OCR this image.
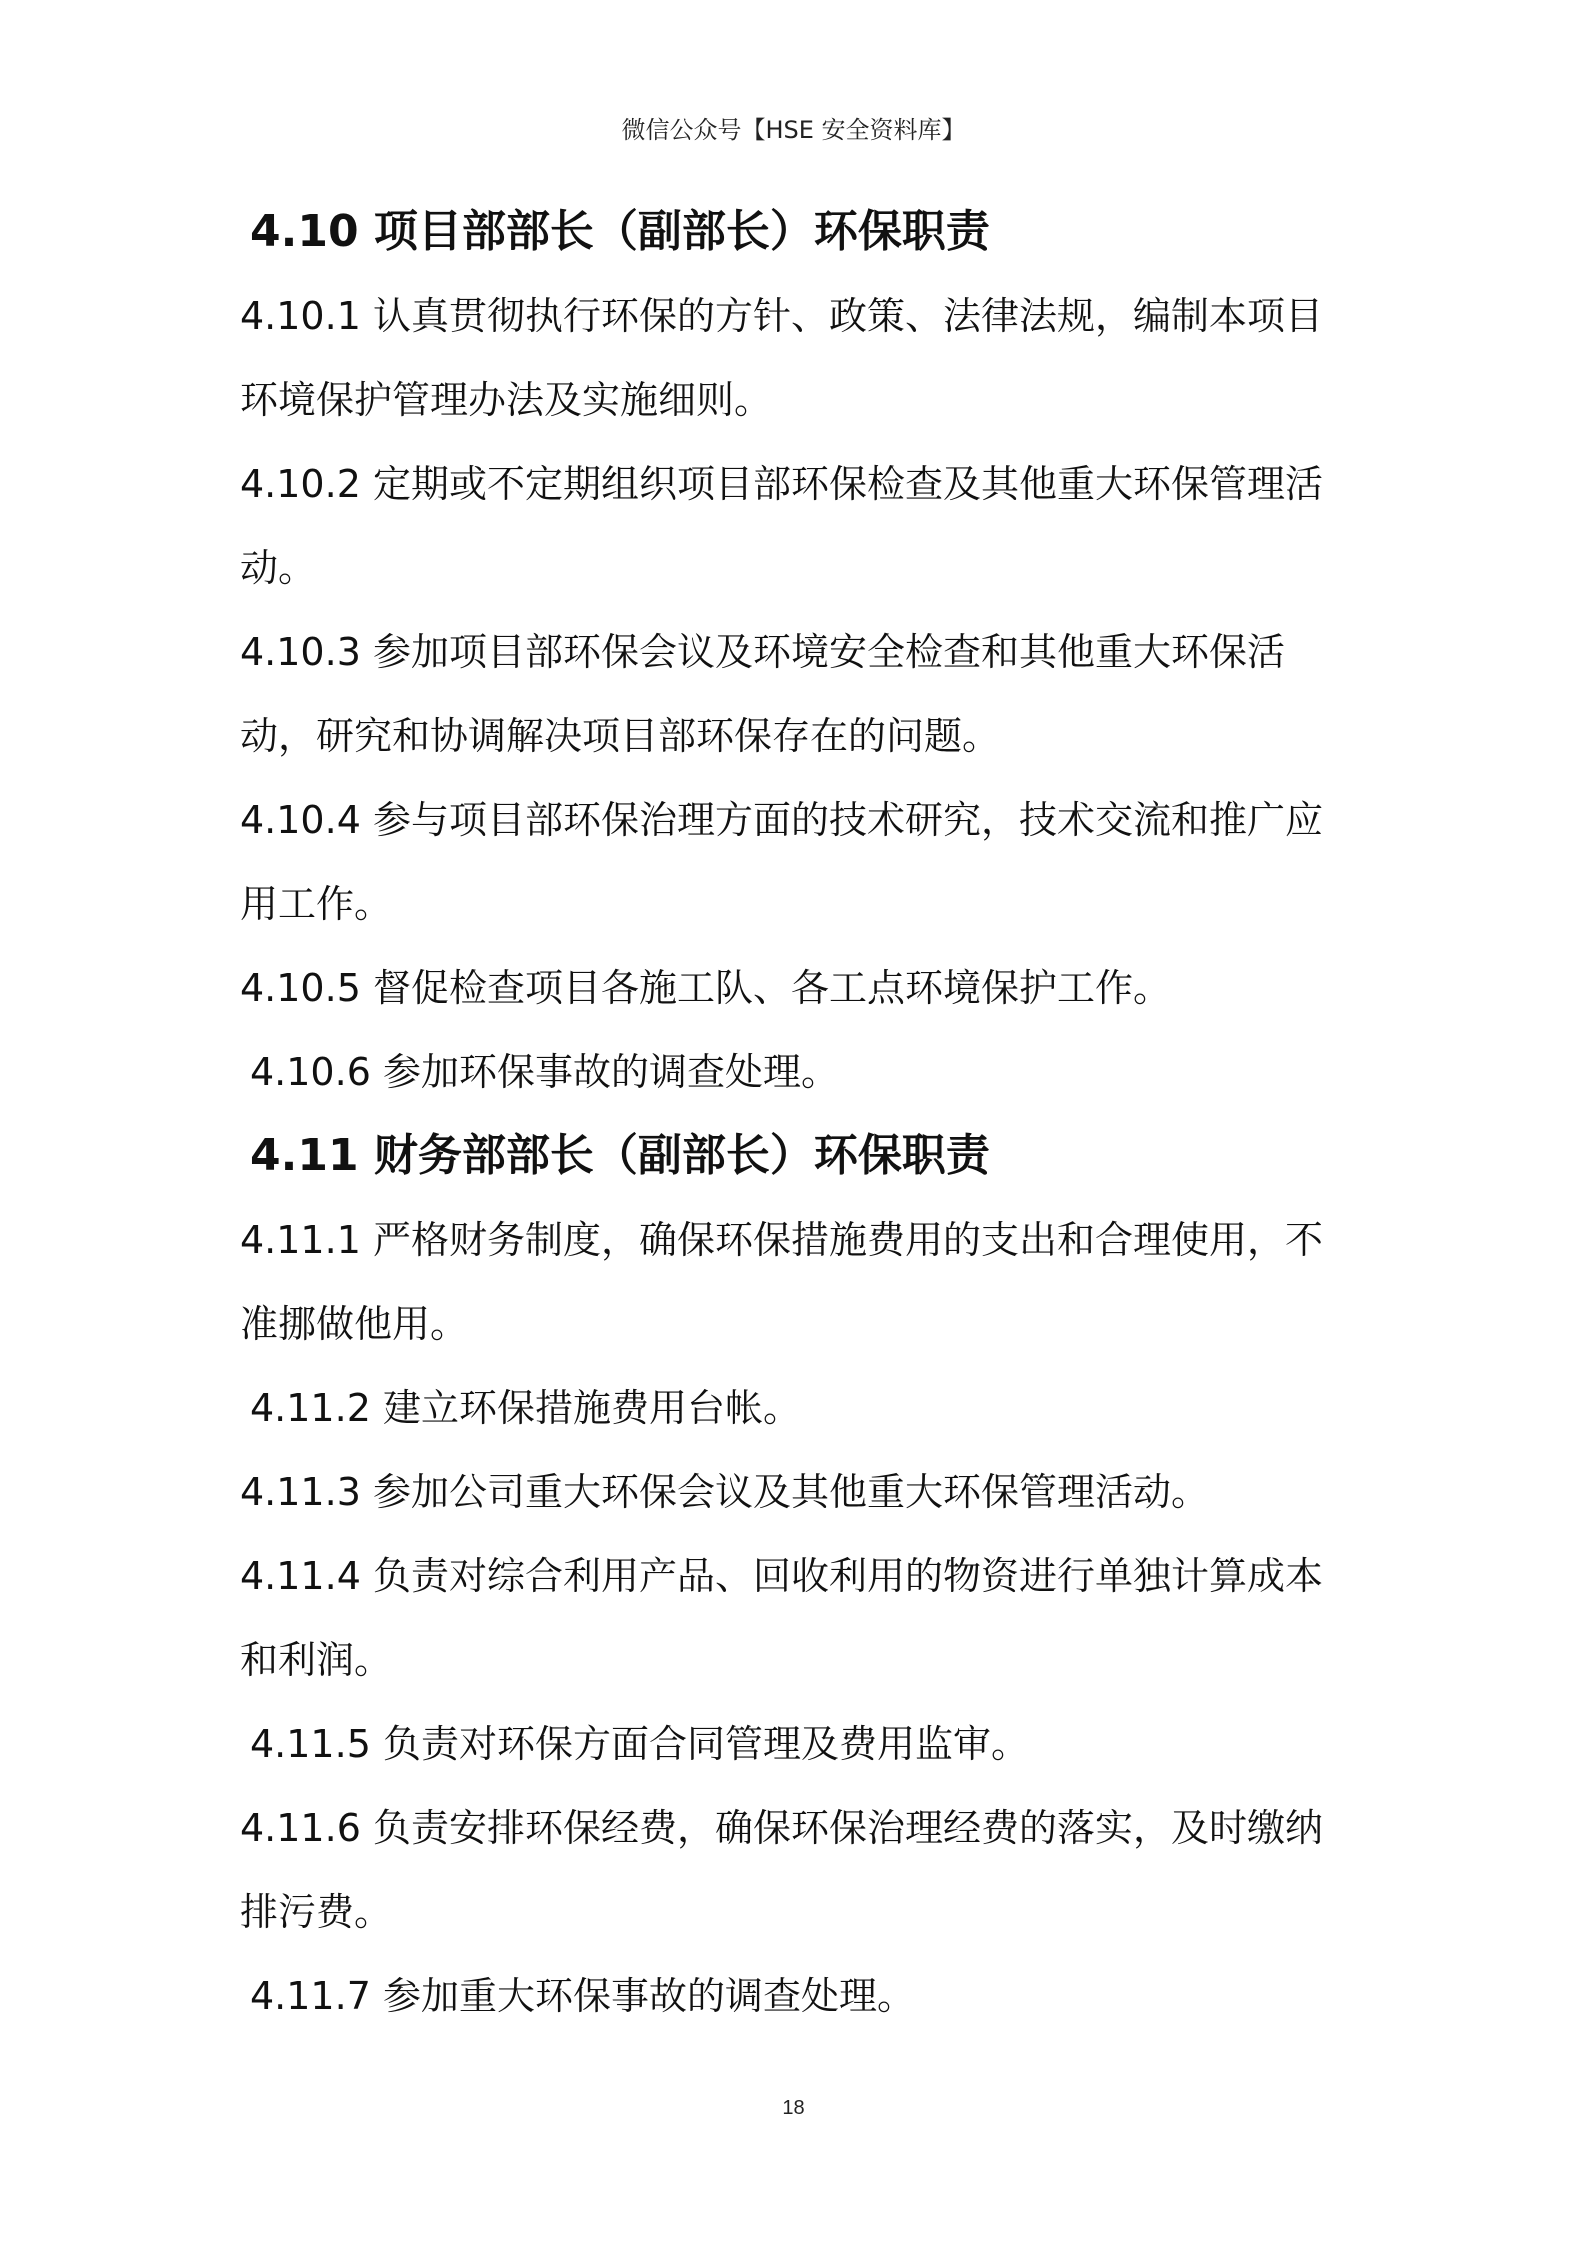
微信公众号【HSE 安全资料库】
4.10 项目部部长（副部长）环保职责

4.10.1 认真贯彻执行环保的方针、政策、法律法规，编制本项目环境保护管理办法及实施细则。

4.10.2 定期或不定期组织项目部环保检查及其他重大环保管理活动。

4.10.3 参加项目部环保会议及环境安全检查和其他重大环保活动，研究和协调解决项目部环保存在的问题。

4.10.4 参与项目部环保治理方面的技术研究，技术交流和推广应用工作。

4.10.5 督促检查项目各施工队、各工点环境保护工作。

4.10.6 参加环保事故的调查处理。

4.11 财务部部长（副部长）环保职责

4.11.1 严格财务制度，确保环保措施费用的支出和合理使用，不准挪做他用。

4.11.2 建立环保措施费用台帐。

4.11.3 参加公司重大环保会议及其他重大环保管理活动。

4.11.4 负责对综合利用产品、回收利用的物资进行单独计算成本和利润。

4.11.5 负责对环保方面合同管理及费用监审。

4.11.6 负责安排环保经费，确保环保治理经费的落实，及时缴纳排污费。

4.11.7 参加重大环保事故的调查处理。

18
